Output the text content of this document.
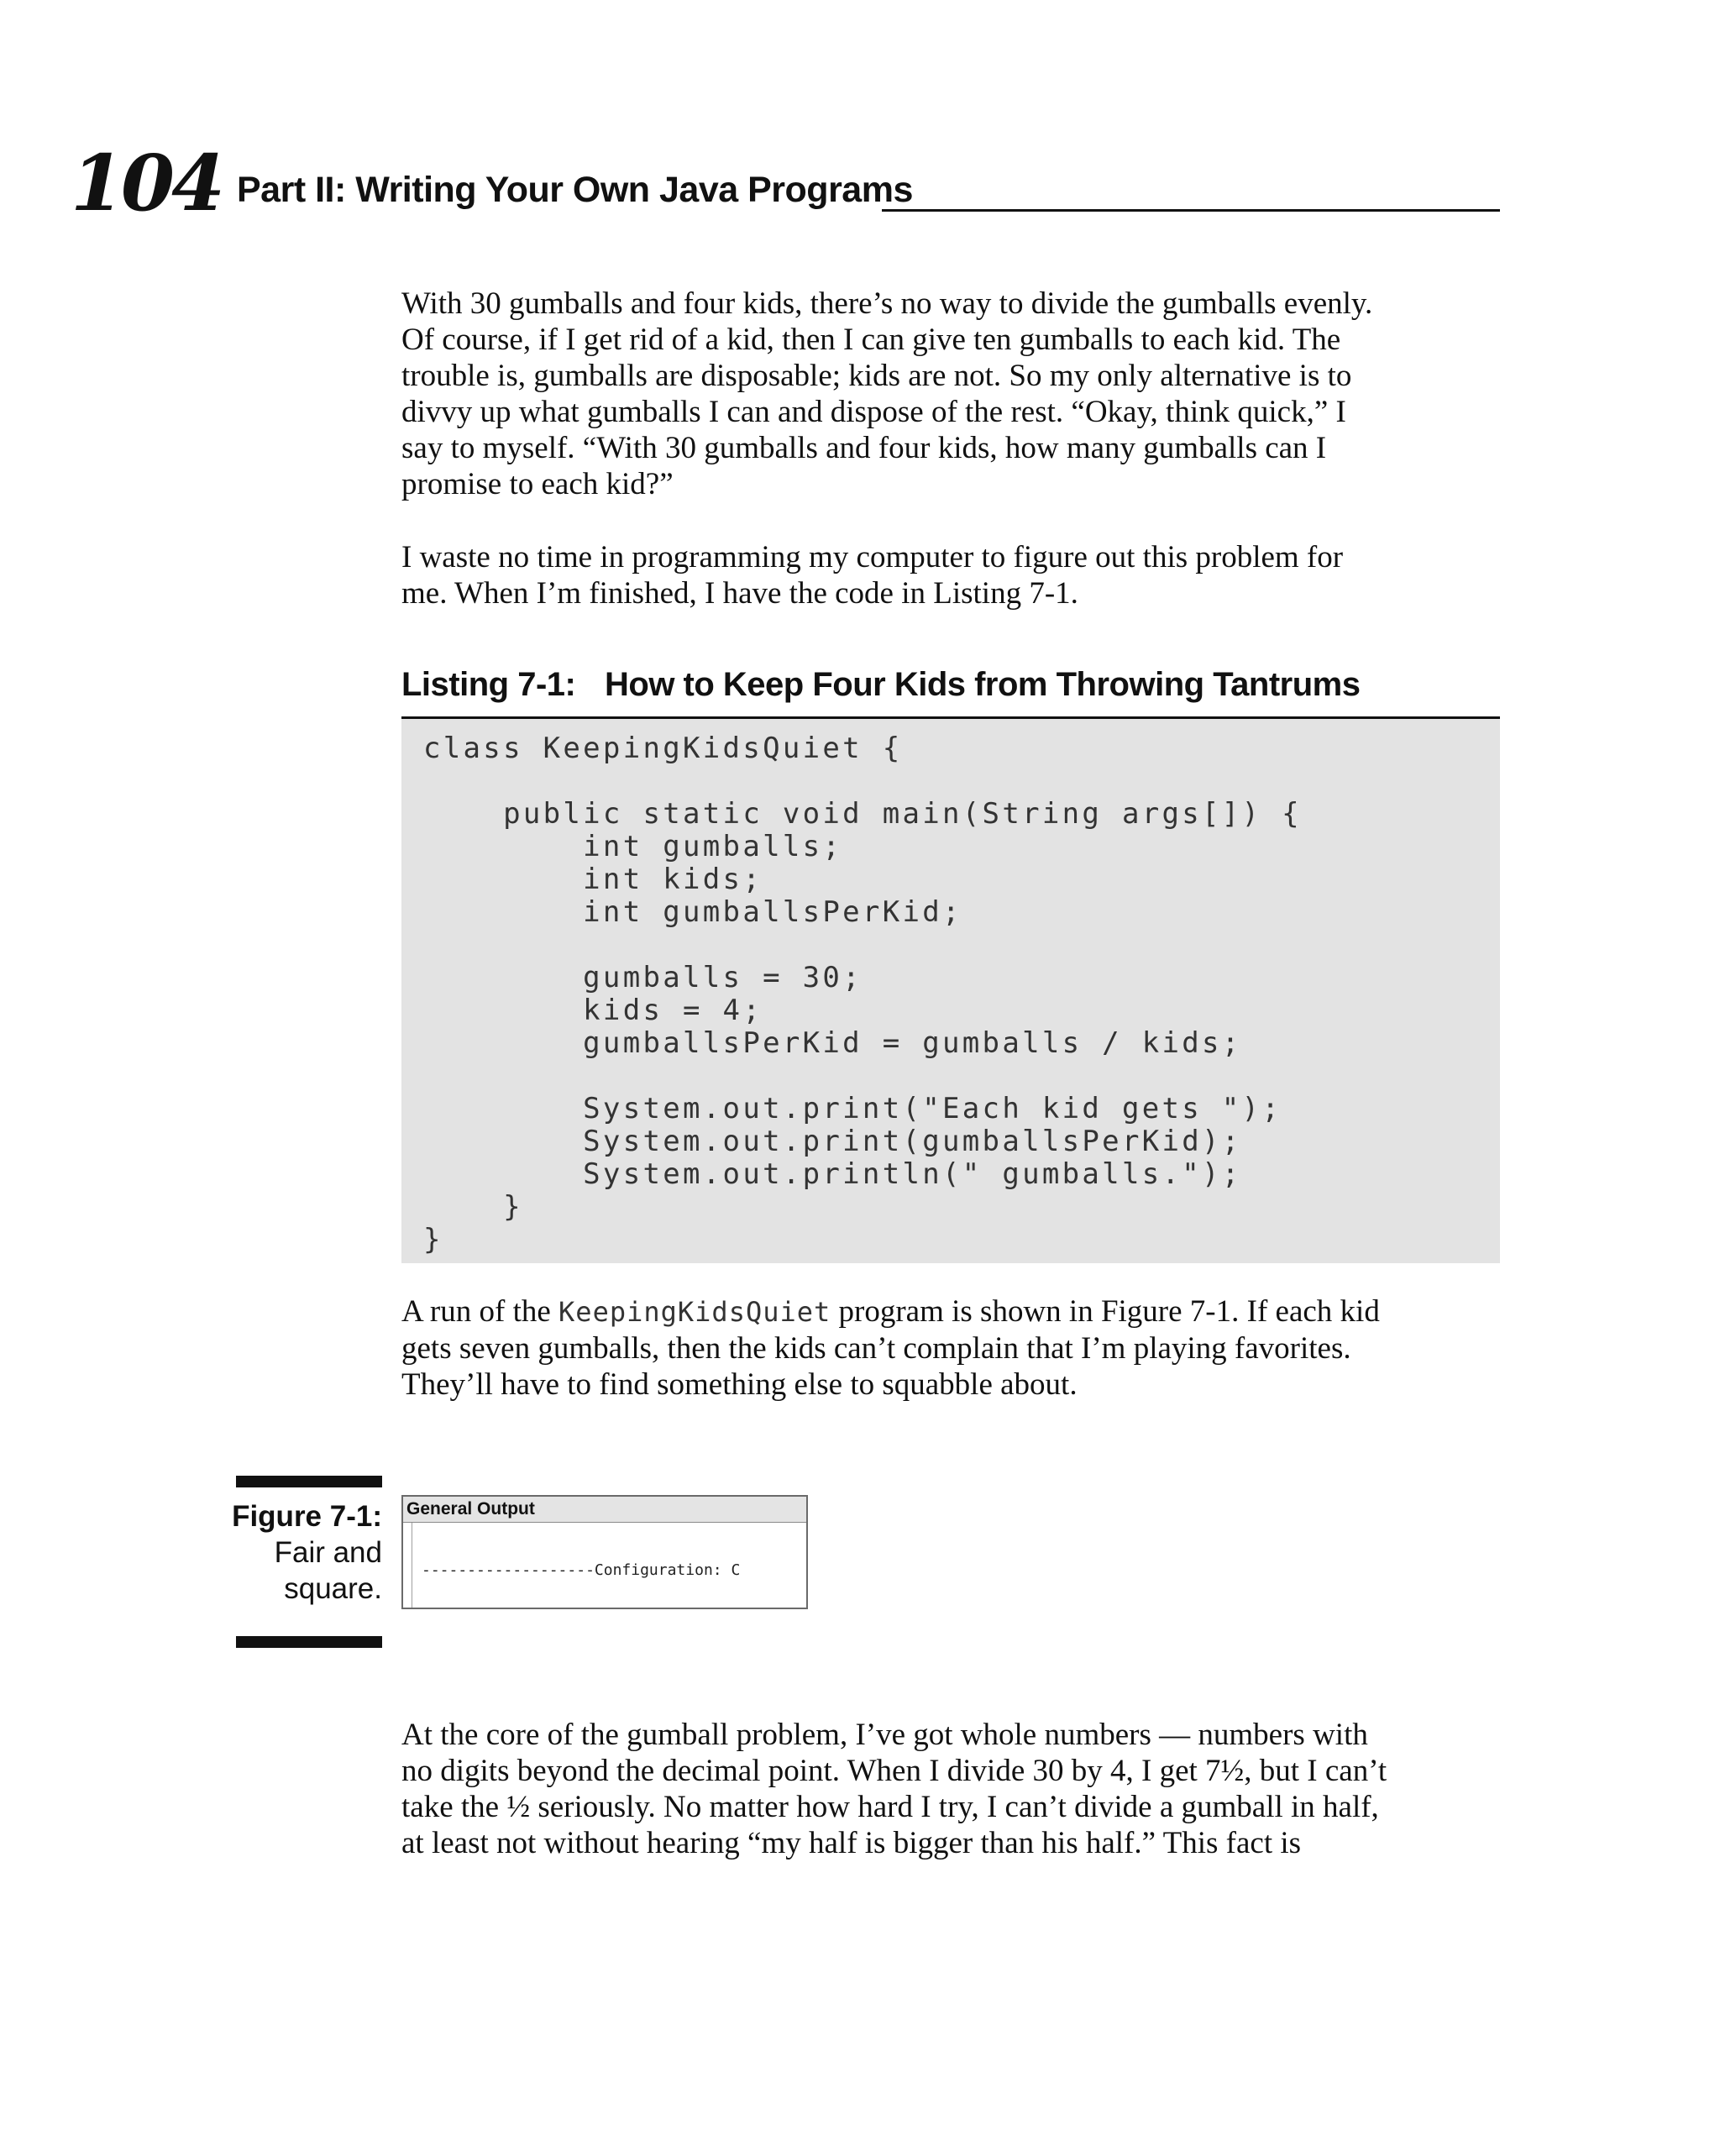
104 Part II: Writing Your Own Java Programs

With 30 gumballs and four kids, there’s no way to divide the gumballs evenly.
Of course, if I get rid of a kid, then I can give ten gumballs to each kid. The
trouble is, gumballs are disposable; kids are not. So my only alternative is to
divvy up what gumballs I can and dispose of the rest. “Okay, think quick,” I
say to myself. “With 30 gumballs and four kids, how many gumballs can I
promise to each kid?”

I waste no time in programming my computer to figure out this problem for
me. When I’m finished, I have the code in Listing 7-1.

Listing 7-1: How to Keep Four Kids from Throwing Tantrums
class KeepingKidsQuiet {

public static void main(String args[]) {
int gumballs;
int kids;
int gumballsPerKid;

gumballs = 30;
kids = 4;
gumballsPerKid = gumballs / kids;

System.out.print("Each kid gets ");
System.out.print(gumballsPerKid);
System.out.println(" gumballs.");
}
}

A run of the KeepingKidsQuiet program is shown in Figure 7-1. If each kid
gets seven gumballs, then the kids can’t complain that I’m playing favorites.
They’ll have to find something else to squabble about.

Figure 7-1:
Fair and
square.
General Output

-------------------Configuration: C

At the core of the gumball problem, I’ve got whole numbers — numbers with
no digits beyond the decimal point. When I divide 30 by 4, I get 7½, but I can’t
take the ½ seriously. No matter how hard I try, I can’t divide a gumball in half,
at least not without hearing “my half is bigger than his half.” This fact is
